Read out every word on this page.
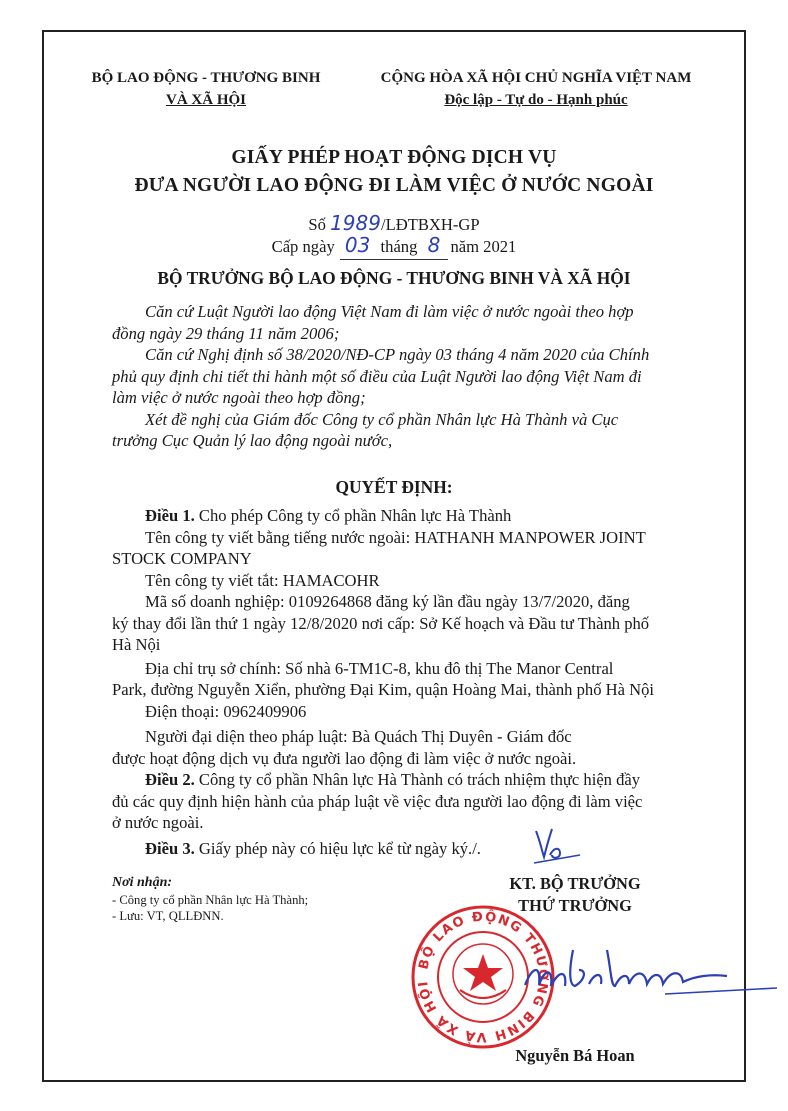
BỘ LAO ĐỘNG - THƯƠNG BINH
VÀ XÃ HỘI
CỘNG HÒA XÃ HỘI CHỦ NGHĨA VIỆT NAM
Độc lập - Tự do - Hạnh phúc
GIẤY PHÉP HOẠT ĐỘNG DỊCH VỤ
ĐƯA NGƯỜI LAO ĐỘNG ĐI LÀM VIỆC Ở NƯỚC NGOÀI
Số 1989/LĐTBXH-GP
Cấp ngày 03 tháng 8 năm 2021
BỘ TRƯỞNG BỘ LAO ĐỘNG - THƯƠNG BINH VÀ XÃ HỘI
Căn cứ Luật Người lao động Việt Nam đi làm việc ở nước ngoài theo hợp
đồng ngày 29 tháng 11 năm 2006;
Căn cứ Nghị định số 38/2020/NĐ-CP ngày 03 tháng 4 năm 2020 của Chính
phủ quy định chi tiết thi hành một số điều của Luật Người lao động Việt Nam đi
làm việc ở nước ngoài theo hợp đồng;
Xét đề nghị của Giám đốc Công ty cổ phần Nhân lực Hà Thành và Cục
trưởng Cục Quản lý lao động ngoài nước,
QUYẾT ĐỊNH:
Điều 1. Cho phép Công ty cổ phần Nhân lực Hà Thành
Tên công ty viết bằng tiếng nước ngoài: HATHANH MANPOWER JOINT
STOCK COMPANY
Tên công ty viết tắt: HAMACOHR
Mã số doanh nghiệp: 0109264868 đăng ký lần đầu ngày 13/7/2020, đăng
ký thay đổi lần thứ 1 ngày 12/8/2020 nơi cấp: Sở Kế hoạch và Đầu tư Thành phố
Hà Nội
Địa chỉ trụ sở chính: Số nhà 6-TM1C-8, khu đô thị The Manor Central
Park, đường Nguyễn Xiển, phường Đại Kim, quận Hoàng Mai, thành phố Hà Nội
Điện thoại: 0962409906
Người đại diện theo pháp luật: Bà Quách Thị Duyên - Giám đốc
được hoạt động dịch vụ đưa người lao động đi làm việc ở nước ngoài.
Điều 2. Công ty cổ phần Nhân lực Hà Thành có trách nhiệm thực hiện đầy
đủ các quy định hiện hành của pháp luật về việc đưa người lao động đi làm việc
ở nước ngoài.
Điều 3. Giấy phép này có hiệu lực kể từ ngày ký./.
Nơi nhận:
- Công ty cổ phần Nhân lực Hà Thành;
- Lưu: VT, QLLĐNN.
KT. BỘ TRƯỞNG
THỨ TRƯỞNG
BỘ LAO ĐỘNG THƯƠNG BINH VÀ XÃ HỘI
Nguyễn Bá Hoan
